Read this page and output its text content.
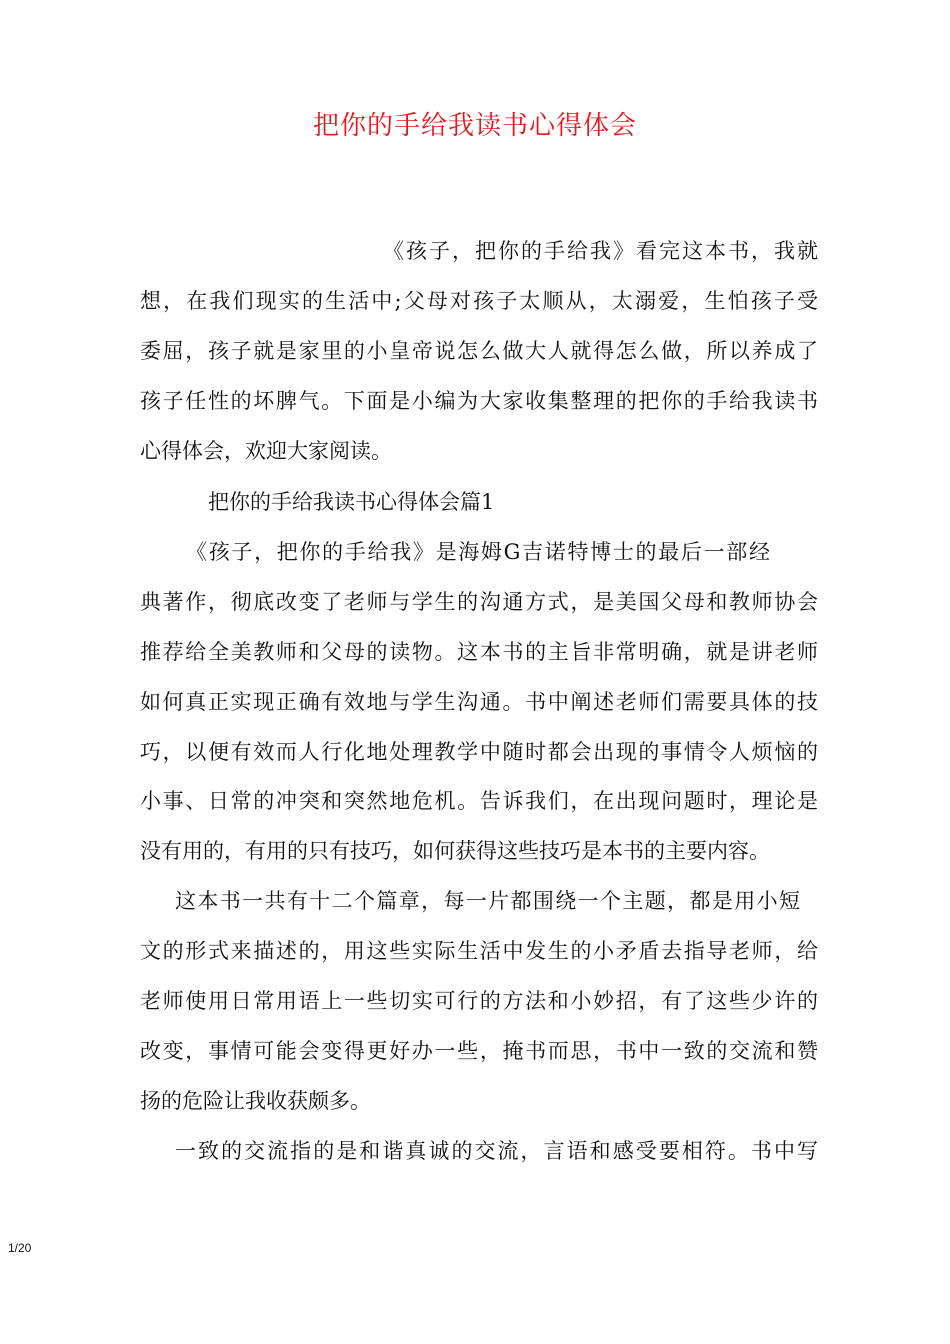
把你的手给我读书心得体会
《孩子，把你的手给我》看完这本书，我就
想，在我们现实的生活中;父母对孩子太顺从，太溺爱，生怕孩子受
委屈，孩子就是家里的小皇帝说怎么做大人就得怎么做，所以养成了
孩子任性的坏脾气。下面是小编为大家收集整理的把你的手给我读书
心得体会，欢迎大家阅读。
把你的手给我读书心得体会篇1
《孩子，把你的手给我》是海姆G吉诺特博士的最后一部经
典著作，彻底改变了老师与学生的沟通方式，是美国父母和教师协会
推荐给全美教师和父母的读物。这本书的主旨非常明确，就是讲老师
如何真正实现正确有效地与学生沟通。书中阐述老师们需要具体的技
巧，以便有效而人行化地处理教学中随时都会出现的事情令人烦恼的
小事、日常的冲突和突然地危机。告诉我们，在出现问题时，理论是
没有用的，有用的只有技巧，如何获得这些技巧是本书的主要内容。
这本书一共有十二个篇章，每一片都围绕一个主题，都是用小短
文的形式来描述的，用这些实际生活中发生的小矛盾去指导老师，给
老师使用日常用语上一些切实可行的方法和小妙招，有了这些少许的
改变，事情可能会变得更好办一些，掩书而思，书中一致的交流和赞
扬的危险让我收获颇多。
一致的交流指的是和谐真诚的交流，言语和感受要相符。书中写
1/20
